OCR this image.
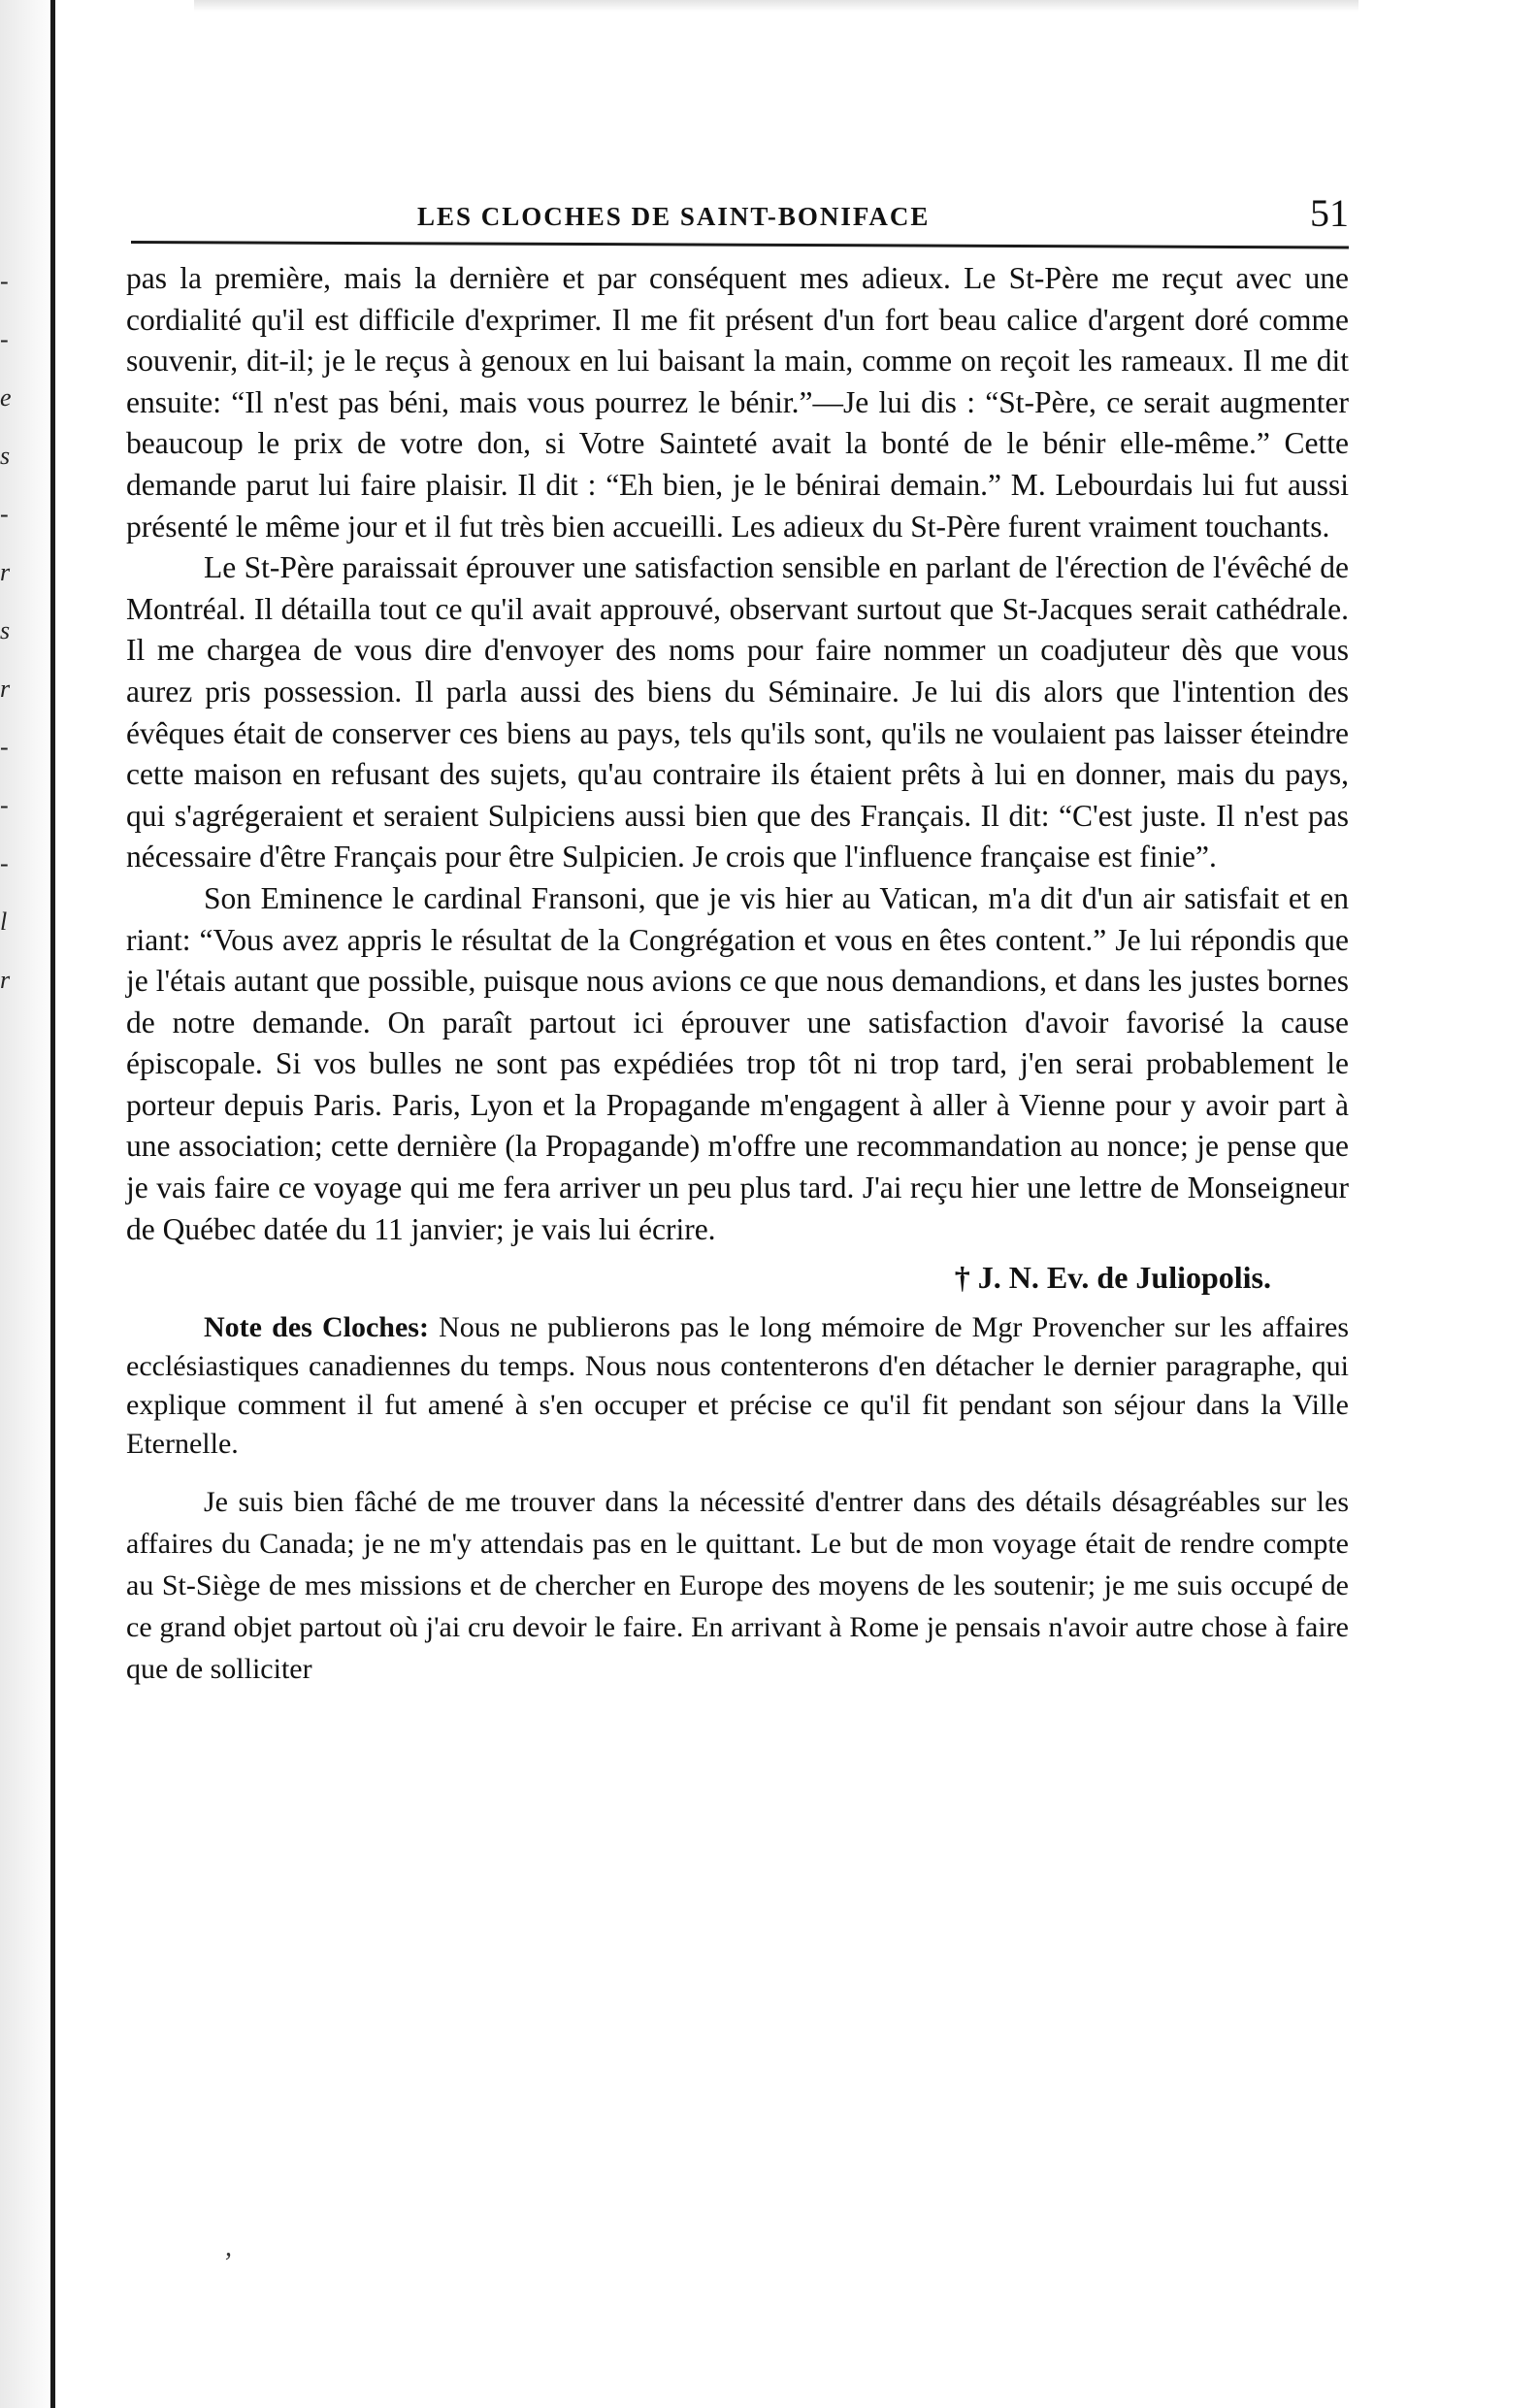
-
-
e
s
-
r
s
r
-
-
-
l
r
LES CLOCHES DE SAINT-BONIFACE	51

pas la première, mais la dernière et par conséquent mes adieux. Le St-Père me reçut avec une cordialité qu'il est difficile d'exprimer. Il me fit présent d'un fort beau calice d'argent doré comme souvenir, dit-il; je le reçus à genoux en lui baisant la main, comme on reçoit les rameaux. Il me dit ensuite: “Il n'est pas béni, mais vous pourrez le bénir.”—Je lui dis : “St-Père, ce serait augmenter beaucoup le prix de votre don, si Votre Sainteté avait la bonté de le bénir elle-même.” Cette demande parut lui faire plaisir. Il dit : “Eh bien, je le bénirai demain.” M. Lebourdais lui fut aussi présenté le même jour et il fut très bien accueilli. Les adieux du St-Père furent vraiment touchants.

Le St-Père paraissait éprouver une satisfaction sensible en parlant de l'érection de l'évêché de Montréal. Il détailla tout ce qu'il avait approuvé, observant surtout que St-Jacques serait cathédrale. Il me chargea de vous dire d'envoyer des noms pour faire nommer un coadjuteur dès que vous aurez pris possession. Il parla aussi des biens du Séminaire. Je lui dis alors que l'intention des évêques était de conserver ces biens au pays, tels qu'ils sont, qu'ils ne voulaient pas laisser éteindre cette maison en refusant des sujets, qu'au contraire ils étaient prêts à lui en donner, mais du pays, qui s'agrégeraient et seraient Sulpiciens aussi bien que des Français. Il dit: “C'est juste. Il n'est pas nécessaire d'être Français pour être Sulpicien. Je crois que l'influence française est finie”.

Son Eminence le cardinal Fransoni, que je vis hier au Vatican, m'a dit d'un air satisfait et en riant: “Vous avez appris le résultat de la Congrégation et vous en êtes content.” Je lui répondis que je l'étais autant que possible, puisque nous avions ce que nous demandions, et dans les justes bornes de notre demande. On paraît partout ici éprouver une satisfaction d'avoir favorisé la cause épiscopale. Si vos bulles ne sont pas expédiées trop tôt ni trop tard, j'en serai probablement le porteur depuis Paris. Paris, Lyon et la Propagande m'engagent à aller à Vienne pour y avoir part à une association; cette dernière (la Propagande) m'offre une recommandation au nonce; je pense que je vais faire ce voyage qui me fera arriver un peu plus tard. J'ai reçu hier une lettre de Monseigneur de Québec datée du 11 janvier; je vais lui écrire.

† J. N. Ev. de Juliopolis.

Note des Cloches: Nous ne publierons pas le long mémoire de Mgr Provencher sur les affaires ecclésiastiques canadiennes du temps. Nous nous contenterons d'en détacher le dernier paragraphe, qui explique comment il fut amené à s'en occuper et précise ce qu'il fit pendant son séjour dans la Ville Eternelle.

Je suis bien fâché de me trouver dans la nécessité d'entrer dans des détails désagréables sur les affaires du Canada; je ne m'y attendais pas en le quittant. Le but de mon voyage était de rendre compte au St-Siège de mes missions et de chercher en Europe des moyens de les soutenir; je me suis occupé de ce grand objet partout où j'ai cru devoir le faire. En arrivant à Rome je pensais n'avoir autre chose à faire que de solliciter

,
